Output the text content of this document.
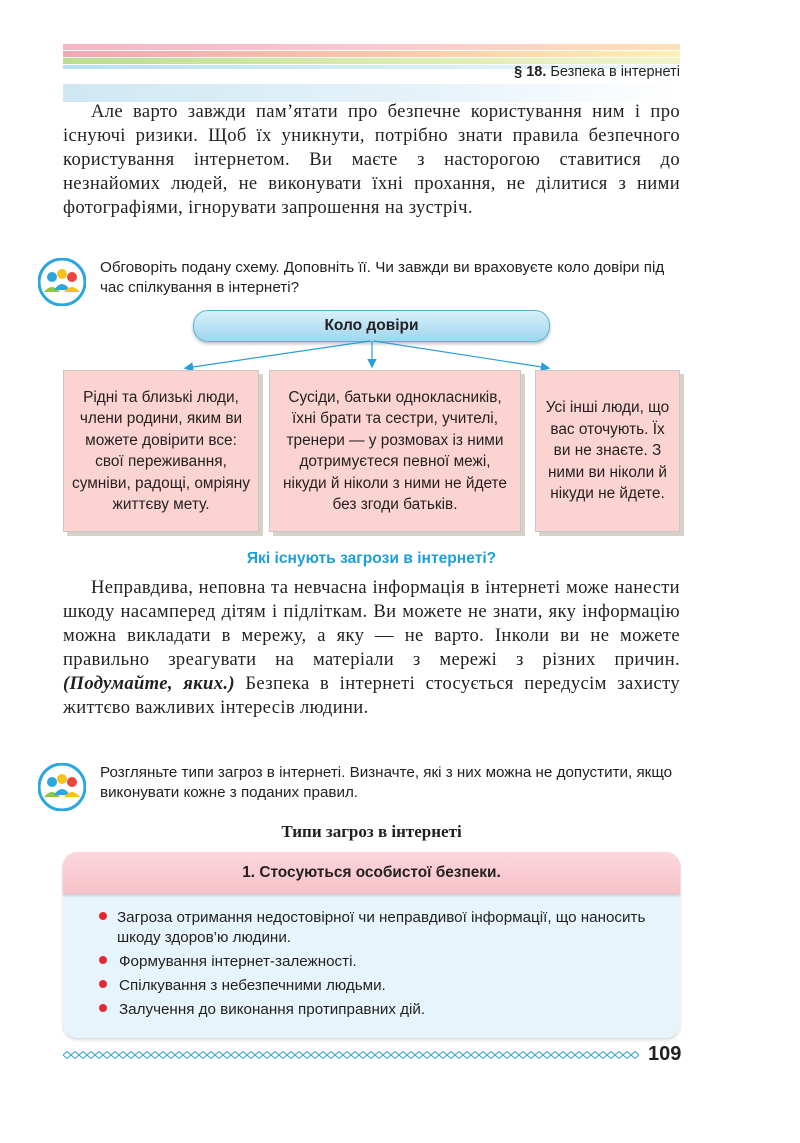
§ 18. Безпека в інтернеті

Але варто завжди пам’ятати про безпечне користування ним і про існуючі ризики. Щоб їх уникнути, потрібно знати правила безпечного користування інтернетом. Ви маєте з насторогою ставитися до незнайомих людей, не виконувати їхні прохання, не ділитися з ними фотографіями, ігнорувати запрошення на зустріч.

Обговоріть подану схему. Доповніть її. Чи завжди ви враховуєте коло довіри під час спілкування в інтернеті?
Коло довіри
Рідні та близькі люди, члени родини, яким ви можете довірити все: свої переживання, сумніви, радощі, омріяну життєву мету.
Сусіди, батьки однокласників, їхні брати та сестри, учителі, тренери — у розмовах із ними дотримуєтеся певної межі, нікуди й ніколи з ними не йдете без згоди батьків.
Усі інші люди, що вас оточують. Їх ви не знаєте. З ними ви ніколи й нікуди не йдете.
Які існують загрози в інтернеті?

Неправдива, неповна та невчасна інформація в інтернеті може нанести шкоду насамперед дітям і підліткам. Ви можете не знати, яку інформацію можна викладати в мережу, а яку — не варто. Інколи ви не можете правильно зреагувати на матеріали з мережі з різних причин. (Подумайте, яких.) Безпека в інтернеті стосується передусім захисту життєво важливих інтересів людини.

Розгляньте типи загроз в інтернеті. Визначте, які з них можна не допустити, якщо виконувати кожне з поданих правил.
Типи загроз в інтернеті
1. Стосуються особистої безпеки.
Загроза отримання недостовірної чи неправдивої інформації, що наносить шкоду здоров’ю людини.
Формування інтернет-залежності.
Спілкування з небезпечними людьми.
Залучення до виконання протиправних дій.
109
